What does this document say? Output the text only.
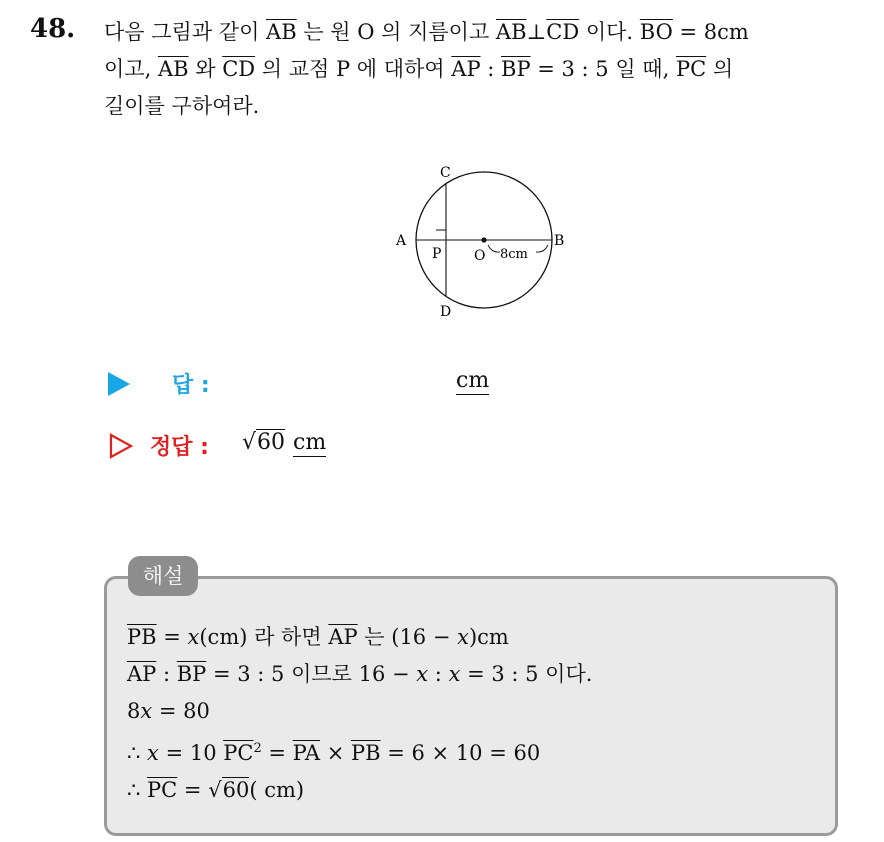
48. 다음 그림과 같이 $\overline{AB}$ 는 원 O 의 지름이고 $\overline{AB}\perp\overline{CD}$ 이다. $\overline{BO} = 8cm$
이고, $\overline{AB}$ 와 $\overline{CD}$ 의 교점 P 에 대하여 $\overline{AP}$ : $\overline{BP} = 3$ : 5 일 때, $\overline{PC}$ 의
길이를 구하여라.
C
A
P O 8cm
B
D
답 :	cm
정답 : √60 cm
해설
$\overline{PB} = x(cm)$ 라 하면 $\overline{AP}$ 는 (16 − x)cm
$\overline{AP}$ : $\overline{BP} = 3$ : 5 이므로 16 − x : x = 3 : 5 이다.
8x = 80
∴ x = 10 $\overline{PC}^2 = \overline{PA} \times \overline{PB} = 6 \times 10 = 60$
∴ $\overline{PC} = √60$( cm)
